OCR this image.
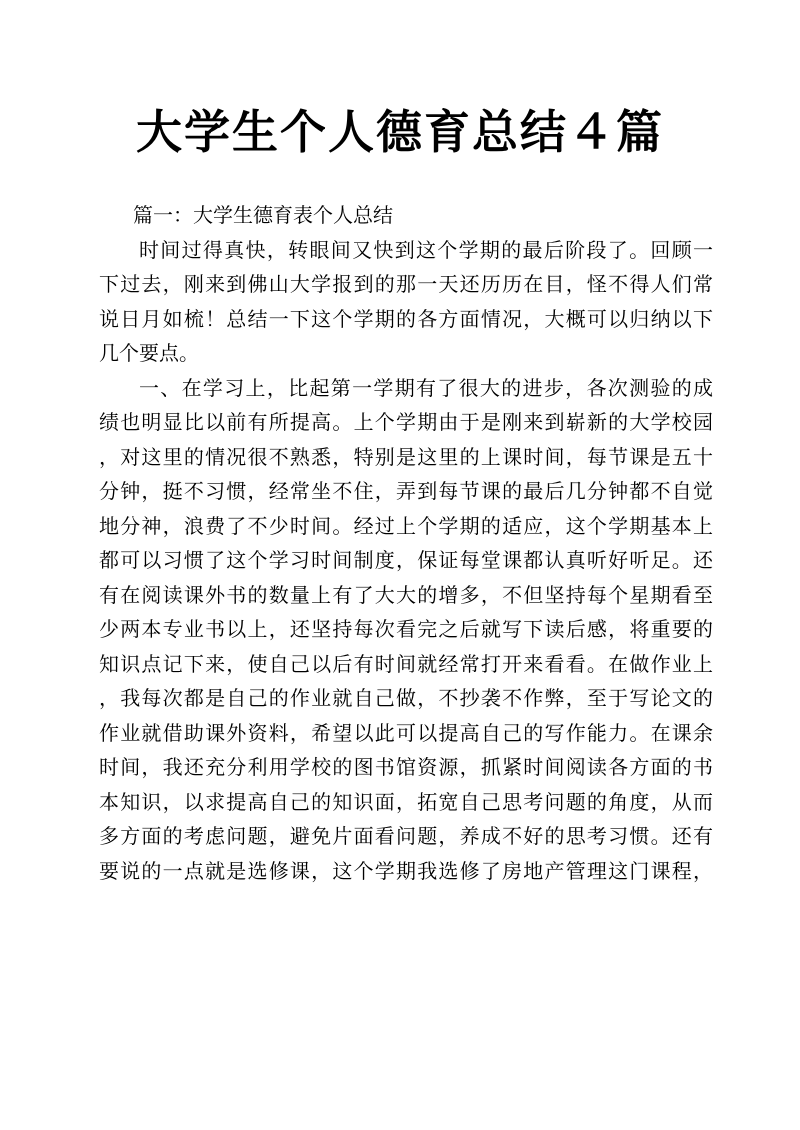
大学生个人德育总结４篇
篇一：大学生德育表个人总结
时间过得真快，转眼间又快到这个学期的最后阶段了。回顾一
下过去，刚来到佛山大学报到的那一天还历历在目，怪不得人们常
说日月如梳！总结一下这个学期的各方面情况，大概可以归纳以下
几个要点。
一、在学习上，比起第一学期有了很大的进步，各次测验的成
绩也明显比以前有所提高。上个学期由于是刚来到崭新的大学校园
，对这里的情况很不熟悉，特别是这里的上课时间，每节课是五十
分钟，挺不习惯，经常坐不住，弄到每节课的最后几分钟都不自觉
地分神，浪费了不少时间。经过上个学期的适应，这个学期基本上
都可以习惯了这个学习时间制度，保证每堂课都认真听好听足。还
有在阅读课外书的数量上有了大大的增多，不但坚持每个星期看至
少两本专业书以上，还坚持每次看完之后就写下读后感，将重要的
知识点记下来，使自己以后有时间就经常打开来看看。在做作业上
，我每次都是自己的作业就自己做，不抄袭不作弊，至于写论文的
作业就借助课外资料，希望以此可以提高自己的写作能力。在课余
时间，我还充分利用学校的图书馆资源，抓紧时间阅读各方面的书
本知识，以求提高自己的知识面，拓宽自己思考问题的角度，从而
多方面的考虑问题，避免片面看问题，养成不好的思考习惯。还有
要说的一点就是选修课，这个学期我选修了房地产管理这门课程，
